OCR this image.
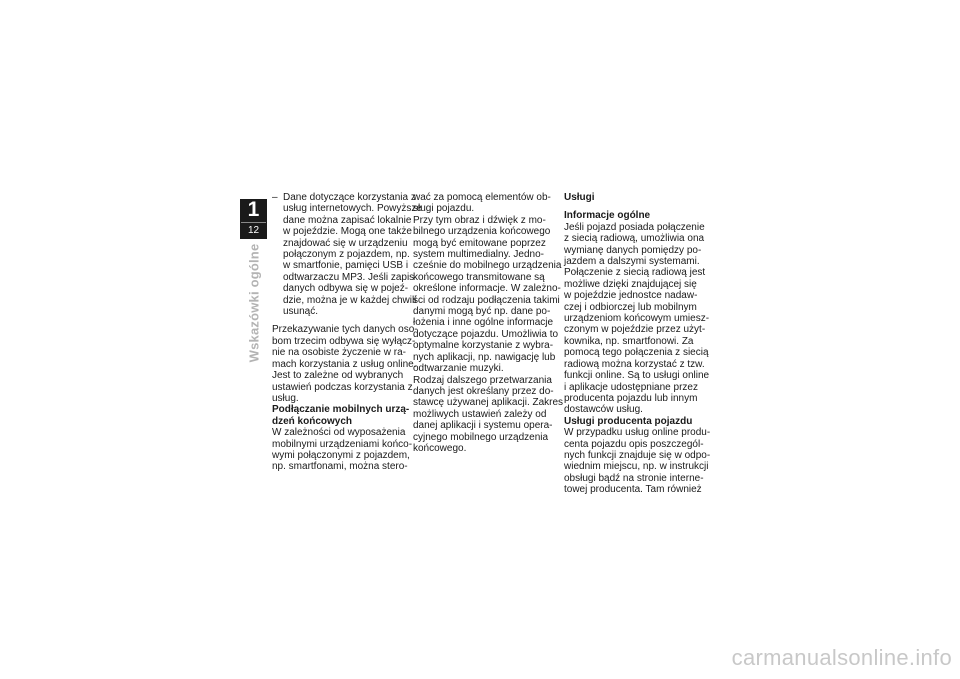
1
12
Wskazówki ogólne
– Dane dotyczące korzystania z
usług internetowych. Powyższe
dane można zapisać lokalnie
w pojeździe. Mogą one także
znajdować się w urządzeniu
połączonym z pojazdem, np.
w smartfonie, pamięci USB i
odtwarzaczu MP3. Jeśli zapis
danych odbywa się w pojeź-
dzie, można je w każdej chwili
usunąć.
Przekazywanie tych danych oso-
bom trzecim odbywa się wyłącz-
nie na osobiste życzenie w ra-
mach korzystania z usług online.
Jest to zależne od wybranych
ustawień podczas korzystania z
usług.
Podłączanie mobilnych urzą-
dzeń końcowych
W zależności od wyposażenia
mobilnymi urządzeniami końco-
wymi połączonymi z pojazdem,
np. smartfonami, można stero-
wać za pomocą elementów ob-
sługi pojazdu.
Przy tym obraz i dźwięk z mo-
bilnego urządzenia końcowego
mogą być emitowane poprzez
system multimedialny. Jedno-
cześnie do mobilnego urządzenia
końcowego transmitowane są
określone informacje. W zależno-
ści od rodzaju podłączenia takimi
danymi mogą być np. dane po-
łożenia i inne ogólne informacje
dotyczące pojazdu. Umożliwia to
optymalne korzystanie z wybra-
nych aplikacji, np. nawigację lub
odtwarzanie muzyki.
Rodzaj dalszego przetwarzania
danych jest określany przez do-
stawcę używanej aplikacji. Zakres
możliwych ustawień zależy od
danej aplikacji i systemu opera-
cyjnego mobilnego urządzenia
końcowego.
Usługi
Informacje ogólne
Jeśli pojazd posiada połączenie
z siecią radiową, umożliwia ona
wymianę danych pomiędzy po-
jazdem a dalszymi systemami.
Połączenie z siecią radiową jest
możliwe dzięki znajdującej się
w pojeździe jednostce nadaw-
czej i odbiorczej lub mobilnym
urządzeniom końcowym umiesz-
czonym w pojeździe przez użyt-
kownika, np. smartfonowi. Za
pomocą tego połączenia z siecią
radiową można korzystać z tzw.
funkcji online. Są to usługi online
i aplikacje udostępniane przez
producenta pojazdu lub innym
dostawców usług.
Usługi producenta pojazdu
W przypadku usług online produ-
centa pojazdu opis poszczegól-
nych funkcji znajduje się w odpo-
wiednim miejscu, np. w instrukcji
obsługi bądź na stronie interne-
towej producenta. Tam również
carmanualsonline.info
